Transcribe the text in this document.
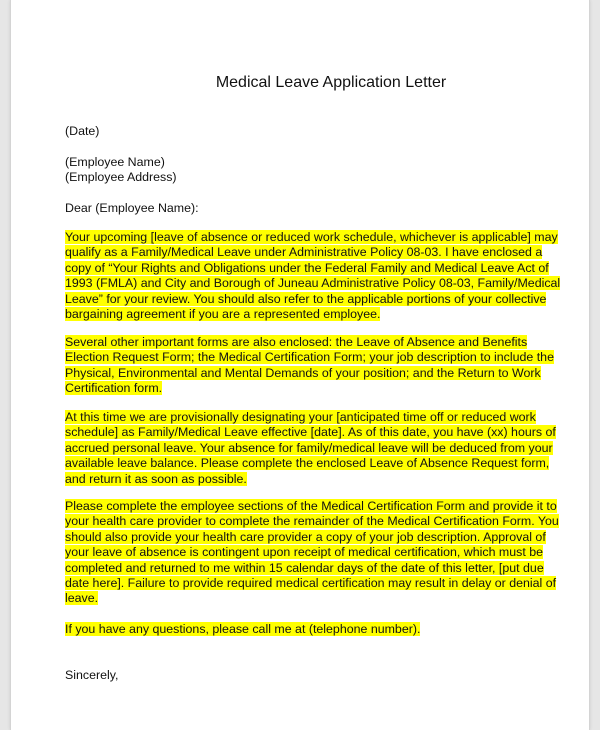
Medical Leave Application Letter
(Date)
(Employee Name)
(Employee Address)
Dear (Employee Name):
Your upcoming [leave of absence or reduced work schedule, whichever is applicable] may
qualify as a Family/Medical Leave under Administrative Policy 08-03. I have enclosed a
copy of “Your Rights and Obligations under the Federal Family and Medical Leave Act of
1993 (FMLA) and City and Borough of Juneau Administrative Policy 08-03, Family/Medical
Leave” for your review. You should also refer to the applicable portions of your collective
bargaining agreement if you are a represented employee.
Several other important forms are also enclosed: the Leave of Absence and Benefits
Election Request Form; the Medical Certification Form; your job description to include the
Physical, Environmental and Mental Demands of your position; and the Return to Work
Certification form.
At this time we are provisionally designating your [anticipated time off or reduced work
schedule] as Family/Medical Leave effective [date]. As of this date, you have (xx) hours of
accrued personal leave. Your absence for family/medical leave will be deduced from your
available leave balance. Please complete the enclosed Leave of Absence Request form,
and return it as soon as possible.
Please complete the employee sections of the Medical Certification Form and provide it to
your health care provider to complete the remainder of the Medical Certification Form. You
should also provide your health care provider a copy of your job description. Approval of
your leave of absence is contingent upon receipt of medical certification, which must be
completed and returned to me within 15 calendar days of the date of this letter, [put due
date here]. Failure to provide required medical certification may result in delay or denial of
leave.
If you have any questions, please call me at (telephone number).
Sincerely,
